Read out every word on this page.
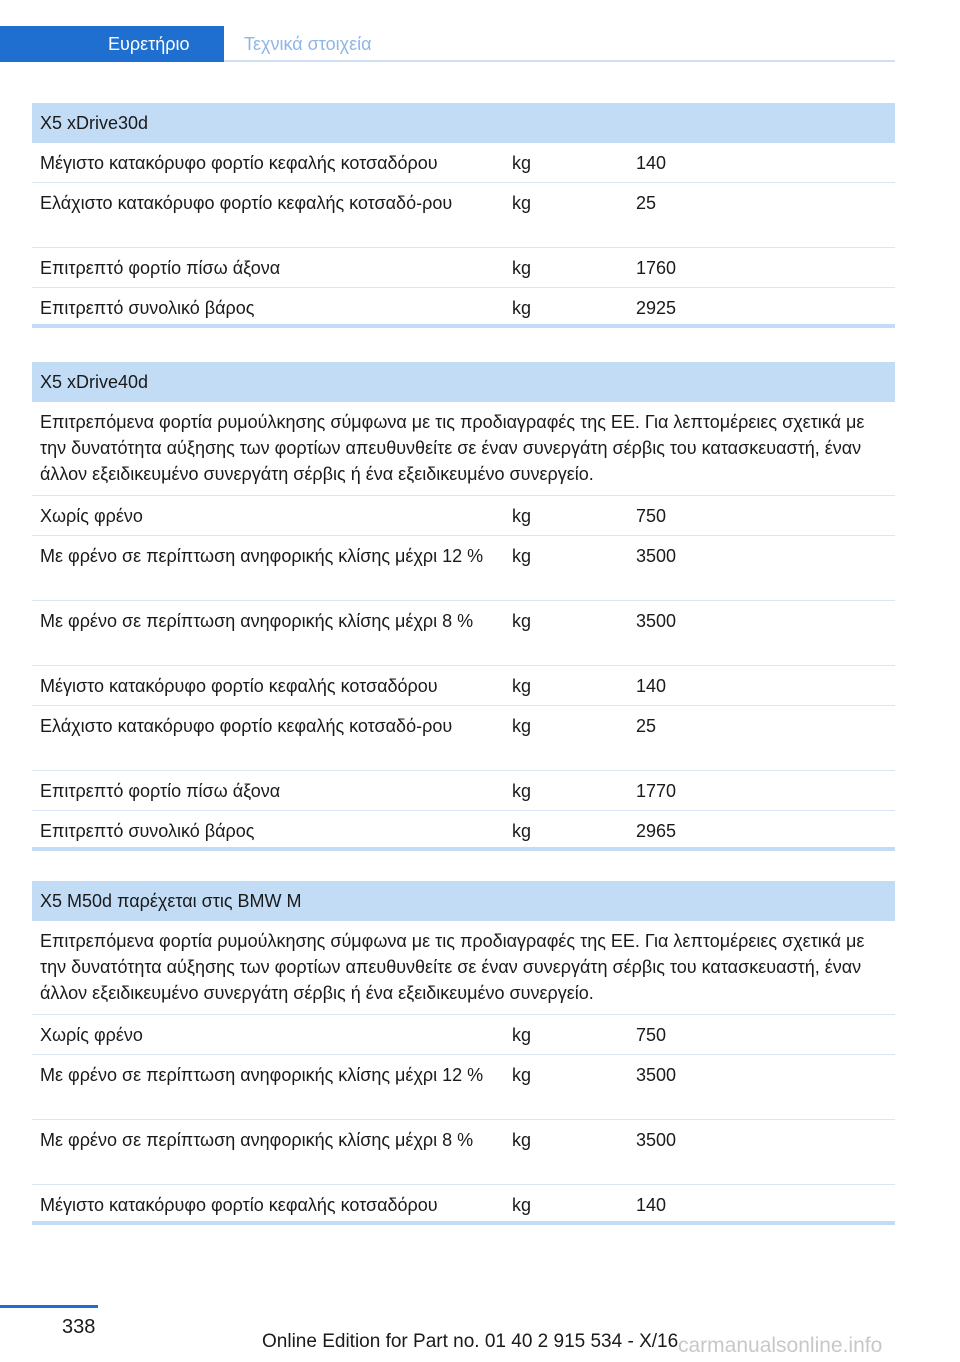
Ευρετήριο	Τεχνικά στοιχεία
X5 xDrive30d
Μέγιστο κατακόρυφο φορτίο κεφαλής κοτσαδόρου	kg	140
Ελάχιστο κατακόρυφο φορτίο κεφαλής κοτσαδό‑ρου	kg	25
Επιτρεπτό φορτίο πίσω άξονα	kg	1760
Επιτρεπτό συνολικό βάρος	kg	2925
X5 xDrive40d
Επιτρεπόμενα φορτία ρυμούλκησης σύμφωνα με τις προδιαγραφές της ΕΕ. Για λεπτομέρειες σχετικά με την δυνατότητα αύξησης των φορτίων απευθυνθείτε σε έναν συνεργάτη σέρβις του κατασκευαστή, έναν άλλον εξειδικευμένο συνεργάτη σέρβις ή ένα εξειδικευμένο συνεργείο.
Χωρίς φρένο	kg	750
Με φρένο σε περίπτωση ανηφορικής κλίσης μέχρι 12 %	kg	3500
Με φρένο σε περίπτωση ανηφορικής κλίσης μέχρι 8 %	kg	3500
Μέγιστο κατακόρυφο φορτίο κεφαλής κοτσαδόρου	kg	140
Ελάχιστο κατακόρυφο φορτίο κεφαλής κοτσαδό‑ρου	kg	25
Επιτρεπτό φορτίο πίσω άξονα	kg	1770
Επιτρεπτό συνολικό βάρος	kg	2965
X5 M50d παρέχεται στις BMW M
Επιτρεπόμενα φορτία ρυμούλκησης σύμφωνα με τις προδιαγραφές της ΕΕ. Για λεπτομέρειες σχετικά με την δυνατότητα αύξησης των φορτίων απευθυνθείτε σε έναν συνεργάτη σέρβις του κατασκευαστή, έναν άλλον εξειδικευμένο συνεργάτη σέρβις ή ένα εξειδικευμένο συνεργείο.
Χωρίς φρένο	kg	750
Με φρένο σε περίπτωση ανηφορικής κλίσης μέχρι 12 %	kg	3500
Με φρένο σε περίπτωση ανηφορικής κλίσης μέχρι 8 %	kg	3500
Μέγιστο κατακόρυφο φορτίο κεφαλής κοτσαδόρου	kg	140
338
Online Edition for Part no. 01 40 2 915 534 - X/16 carmanualsonline.info
